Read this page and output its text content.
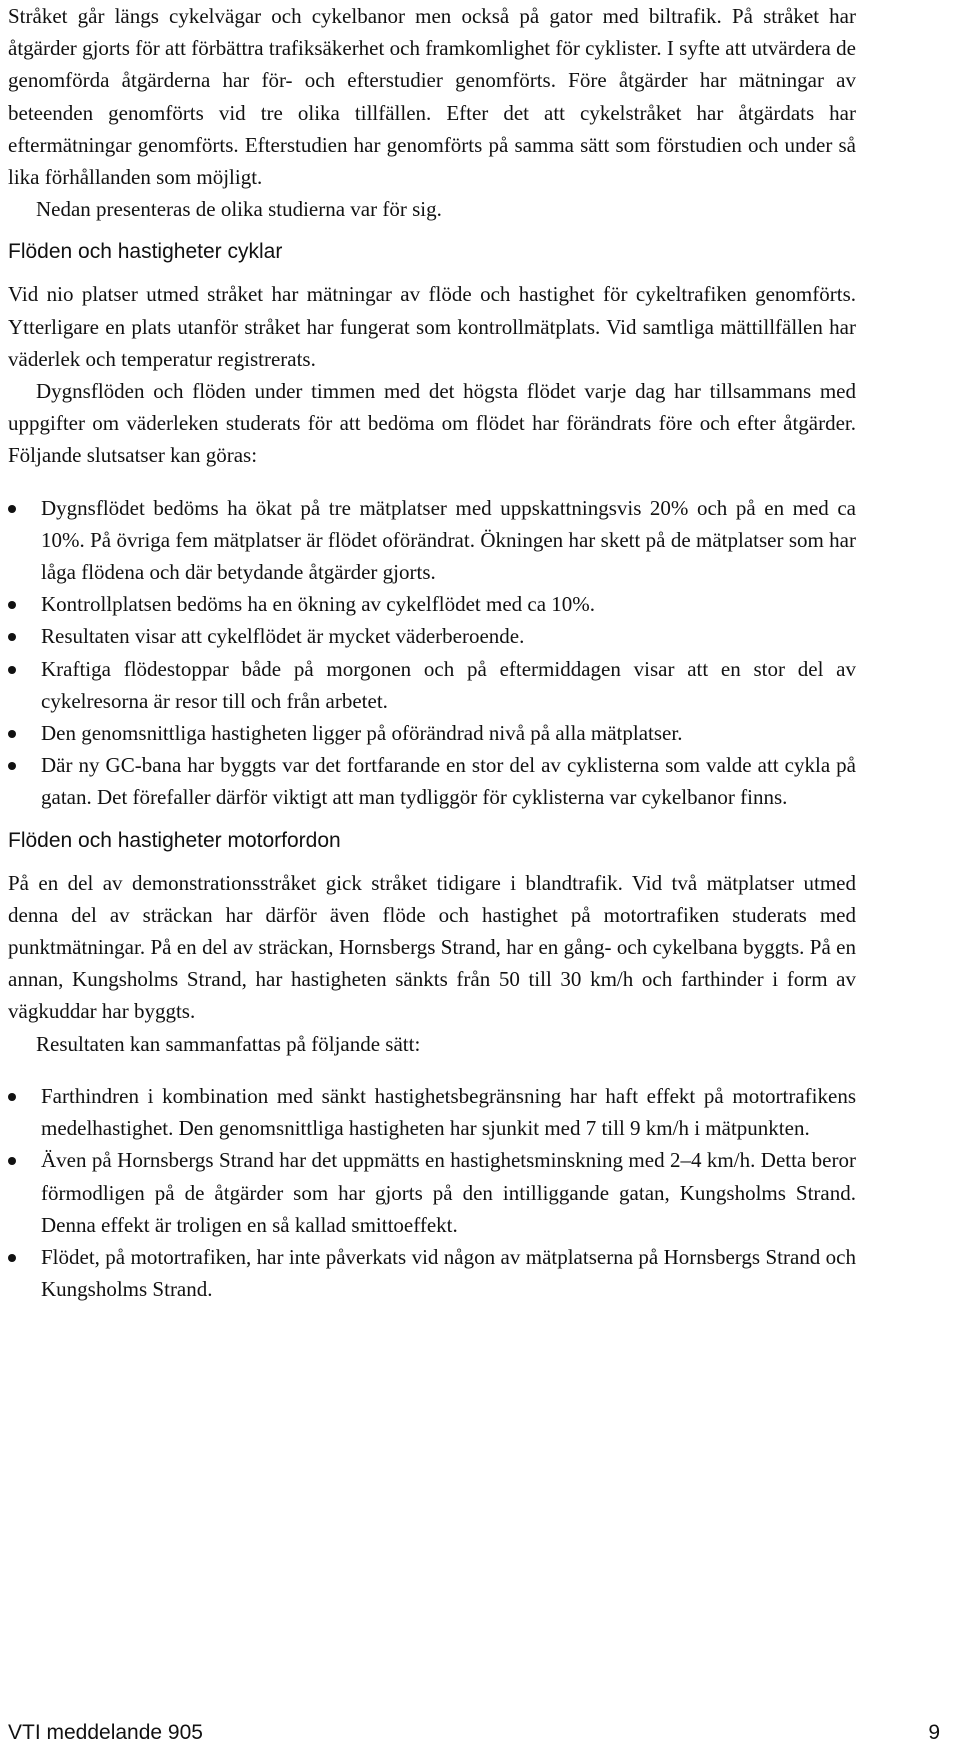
Stråket går längs cykelvägar och cykelbanor men också på gator med biltrafik. På stråket har åtgärder gjorts för att förbättra trafiksäkerhet och framkomlighet för cyklister. I syfte att utvärdera de genomförda åtgärderna har för- och efterstudier genomförts. Före åtgärder har mätningar av beteenden genomförts vid tre olika tillfällen. Efter det att cykelstråket har åtgärdats har eftermätningar genomförts. Efterstudien har genomförts på samma sätt som förstudien och under så lika förhållanden som möjligt.

Nedan presenteras de olika studierna var för sig.

Flöden och hastigheter cyklar

Vid nio platser utmed stråket har mätningar av flöde och hastighet för cykeltrafiken genomförts. Ytterligare en plats utanför stråket har fungerat som kontrollmätplats. Vid samtliga mättillfällen har väderlek och temperatur registrerats.

Dygnsflöden och flöden under timmen med det högsta flödet varje dag har tillsammans med uppgifter om väderleken studerats för att bedöma om flödet har förändrats före och efter åtgärder. Följande slutsatser kan göras:

Dygnsflödet bedöms ha ökat på tre mätplatser med uppskattningsvis 20% och på en med ca 10%. På övriga fem mätplatser är flödet oförändrat. Ökningen har skett på de mätplatser som har låga flödena och där betydande åtgärder gjorts.
Kontrollplatsen bedöms ha en ökning av cykelflödet med ca 10%.
Resultaten visar att cykelflödet är mycket väderberoende.
Kraftiga flödestoppar både på morgonen och på eftermiddagen visar att en stor del av cykelresorna är resor till och från arbetet.
Den genomsnittliga hastigheten ligger på oförändrad nivå på alla mätplatser.
Där ny GC-bana har byggts var det fortfarande en stor del av cyklisterna som valde att cykla på gatan. Det förefaller därför viktigt att man tydliggör för cyklisterna var cykelbanor finns.
Flöden och hastigheter motorfordon

På en del av demonstrationsstråket gick stråket tidigare i blandtrafik. Vid två mätplatser utmed denna del av sträckan har därför även flöde och hastighet på motortrafiken studerats med punktmätningar. På en del av sträckan, Hornsbergs Strand, har en gång- och cykelbana byggts. På en annan, Kungsholms Strand, har hastigheten sänkts från 50 till 30 km/h och farthinder i form av vägkuddar har byggts.

Resultaten kan sammanfattas på följande sätt:

Farthindren i kombination med sänkt hastighetsbegränsning har haft effekt på motortrafikens medelhastighet. Den genomsnittliga hastigheten har sjunkit med 7 till 9 km/h i mätpunkten.
Även på Hornsbergs Strand har det uppmätts en hastighetsminskning med 2–4 km/h. Detta beror förmodligen på de åtgärder som har gjorts på den intilliggande gatan, Kungsholms Strand. Denna effekt är troligen en så kallad smittoeffekt.
Flödet, på motortrafiken, har inte påverkats vid någon av mätplatserna på Hornsbergs Strand och Kungsholms Strand.
VTI meddelande 905	9
